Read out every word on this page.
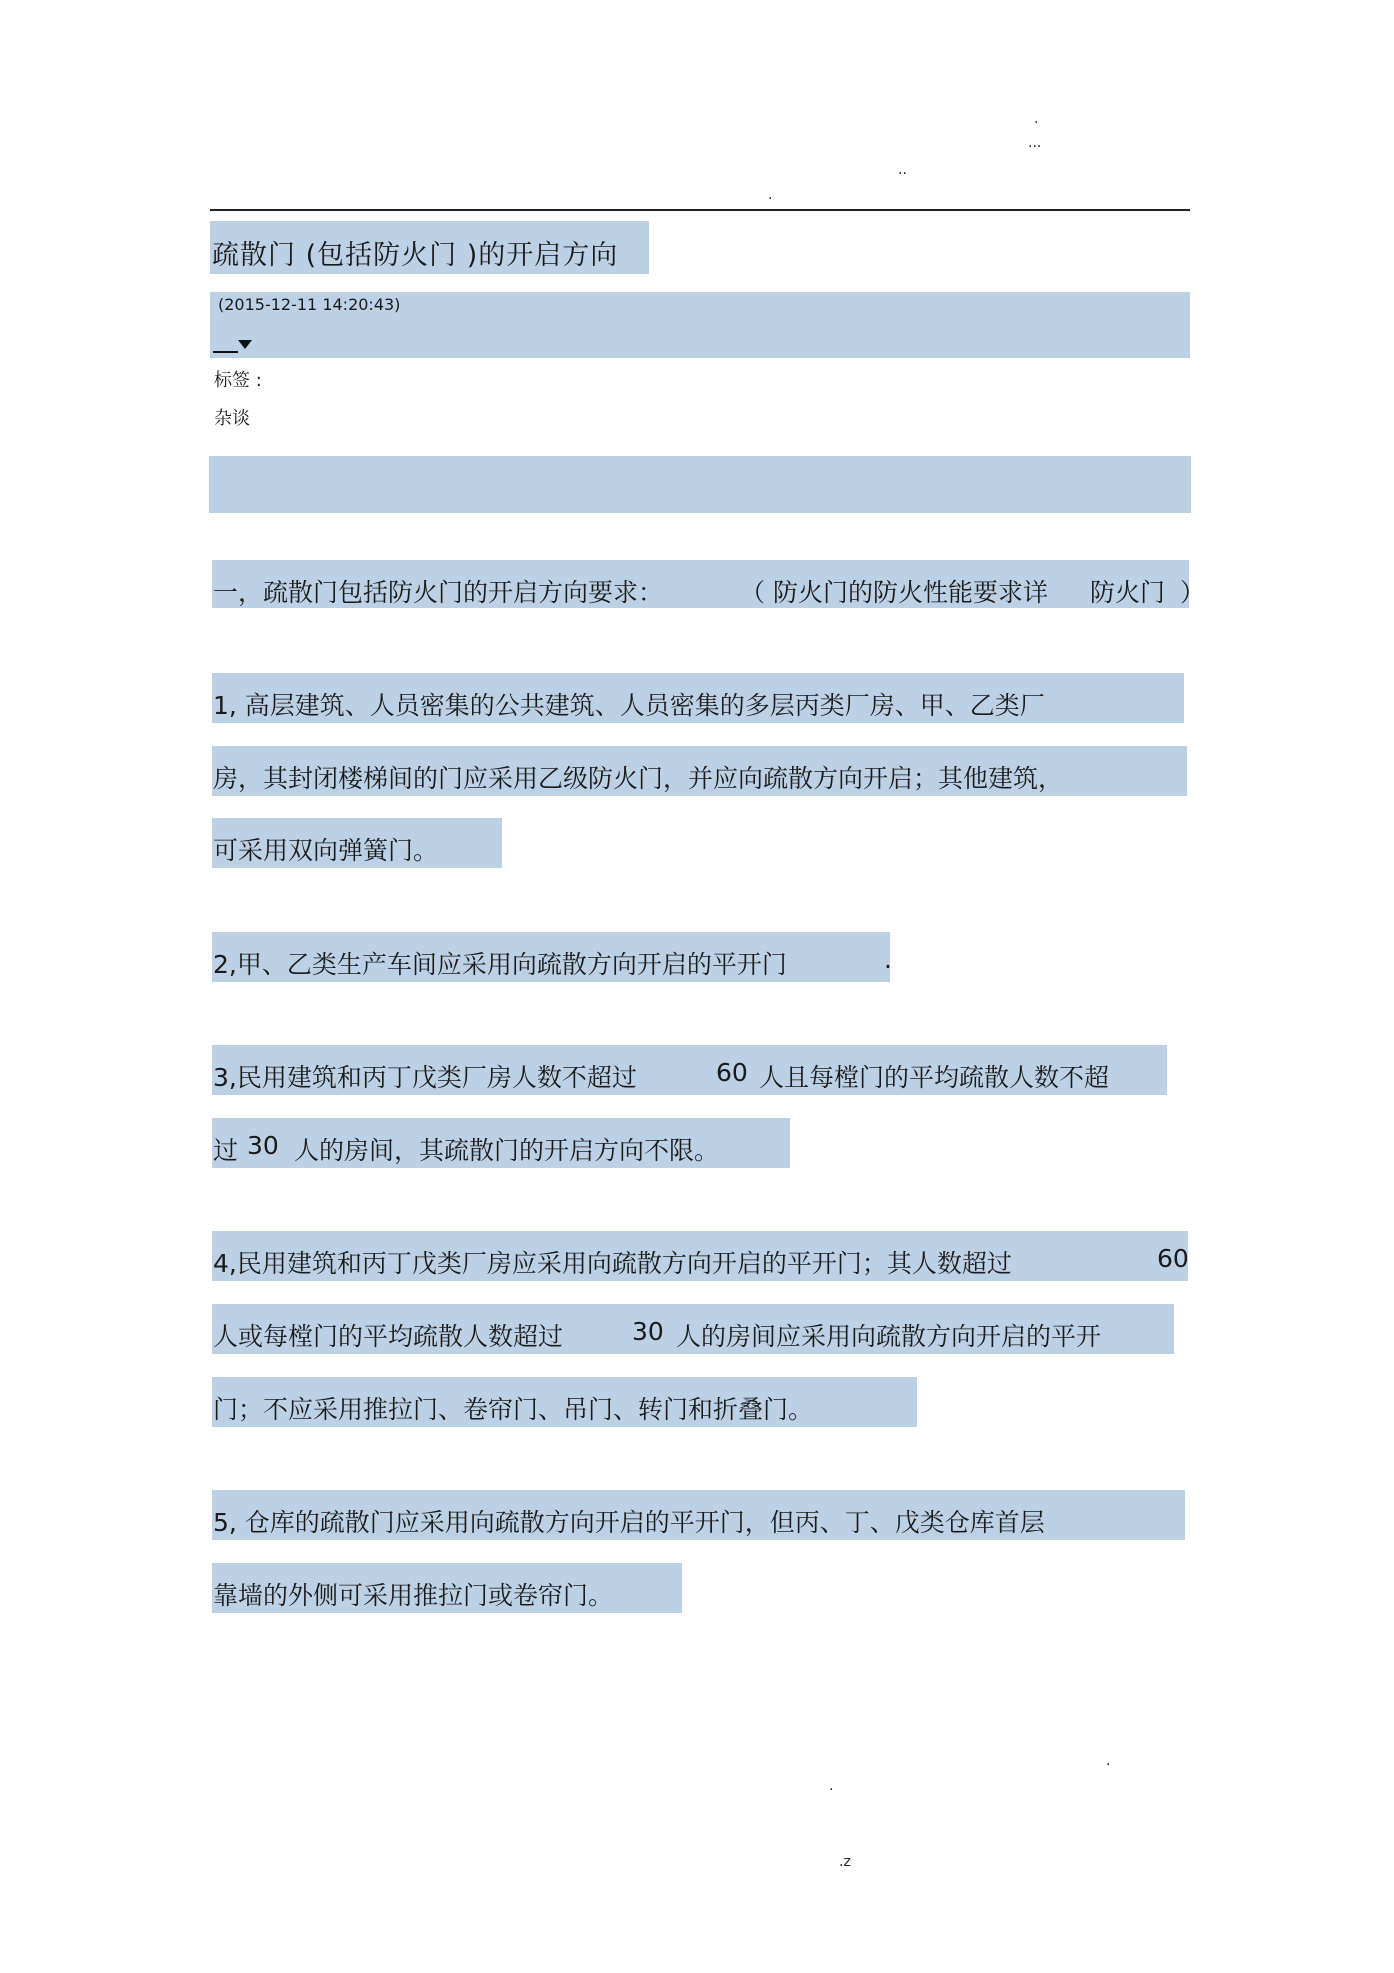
.
...
..
.
疏散门 (包括防火门 )的开启方向
(2015-12-11 14:20:43)
标签 :
杂谈
一，疏散门包括防火门的开启方向要求：	（ 防火门的防火性能要求详 防火门 ）
1, 高层建筑、人员密集的公共建筑、人员密集的多层丙类厂房、甲、乙类厂
房，其封闭楼梯间的门应采用乙级防火门，并应向疏散方向开启；其他建筑，
可采用双向弹簧门。
2,甲、乙类生产车间应采用向疏散方向开启的平开门	.
3,民用建筑和丙丁戊类厂房人数不超过	60 人且每樘门的平均疏散人数不超
过 30 人的房间，其疏散门的开启方向不限。
4,民用建筑和丙丁戊类厂房应采用向疏散方向开启的平开门；其人数超过	60
人或每樘门的平均疏散人数超过	30 人的房间应采用向疏散方向开启的平开
门；不应采用推拉门、卷帘门、吊门、转门和折叠门。
5, 仓库的疏散门应采用向疏散方向开启的平开门，但丙、丁、戊类仓库首层
靠墙的外侧可采用推拉门或卷帘门。
.
.
.z
